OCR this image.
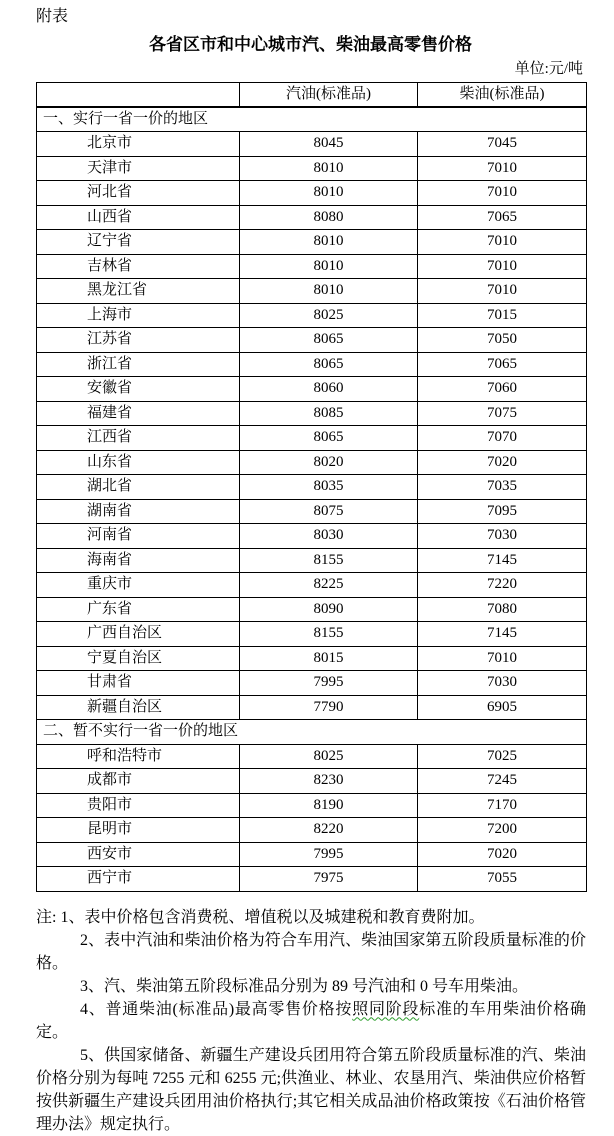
附表
各省区市和中心城市汽、柴油最高零售价格
单位:元/吨
	汽油(标准品)	柴油(标准品)
一、实行一省一价的地区		
北京市	8045	7045
天津市	8010	7010
河北省	8010	7010
山西省	8080	7065
辽宁省	8010	7010
吉林省	8010	7010
黑龙江省	8010	7010
上海市	8025	7015
江苏省	8065	7050
浙江省	8065	7065
安徽省	8060	7060
福建省	8085	7075
江西省	8065	7070
山东省	8020	7020
湖北省	8035	7035
湖南省	8075	7095
河南省	8030	7030
海南省	8155	7145
重庆市	8225	7220
广东省	8090	7080
广西自治区	8155	7145
宁夏自治区	8015	7010
甘肃省	7995	7030
新疆自治区	7790	6905
二、暂不实行一省一价的地区		
呼和浩特市	8025	7025
成都市	8230	7245
贵阳市	8190	7170
昆明市	8220	7200
西安市	7995	7020
西宁市	7975	7055

注: 1、表中价格包含消费税、增值税以及城建税和教育费附加。

2、表中汽油和柴油价格为符合车用汽、柴油国家第五阶段质量标准的价格。

3、汽、柴油第五阶段标准品分别为 89 号汽油和 0 号车用柴油。

4、普通柴油(标准品)最高零售价格按照同阶段标准的车用柴油价格确定。

5、供国家储备、新疆生产建设兵团用符合第五阶段质量标准的汽、柴油价格分别为每吨 7255 元和 6255 元;供渔业、林业、农垦用汽、柴油供应价格暂按供新疆生产建设兵团用油价格执行;其它相关成品油价格政策按《石油价格管理办法》规定执行。
